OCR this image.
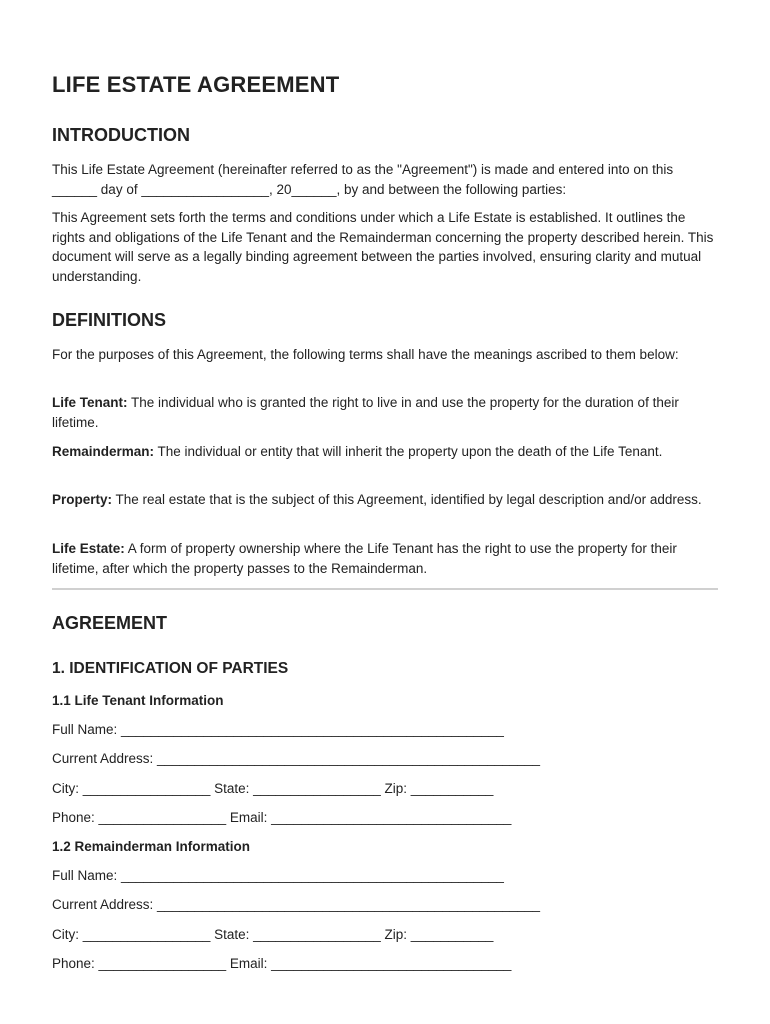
LIFE ESTATE AGREEMENT
INTRODUCTION

This Life Estate Agreement (hereinafter referred to as the "Agreement") is made and entered into on this ______ day of _________________, 20______, by and between the following parties:

This Agreement sets forth the terms and conditions under which a Life Estate is established. It outlines the rights and obligations of the Life Tenant and the Remainderman concerning the property described herein. This document will serve as a legally binding agreement between the parties involved, ensuring clarity and mutual understanding.

DEFINITIONS

For the purposes of this Agreement, the following terms shall have the meanings ascribed to them below:

Life Tenant: The individual who is granted the right to live in and use the property for the duration of their lifetime.

Remainderman: The individual or entity that will inherit the property upon the death of the Life Tenant.

Property: The real estate that is the subject of this Agreement, identified by legal description and/or address.

Life Estate: A form of property ownership where the Life Tenant has the right to use the property for their lifetime, after which the property passes to the Remainderman.

AGREEMENT
1. IDENTIFICATION OF PARTIES
1.1 Life Tenant Information

Full Name: ___________________________________________________

Current Address: ___________________________________________________

City: _________________ State: _________________ Zip: ___________

Phone: _________________ Email: ________________________________

1.2 Remainderman Information

Full Name: ___________________________________________________

Current Address: ___________________________________________________

City: _________________ State: _________________ Zip: ___________

Phone: _________________ Email: ________________________________
